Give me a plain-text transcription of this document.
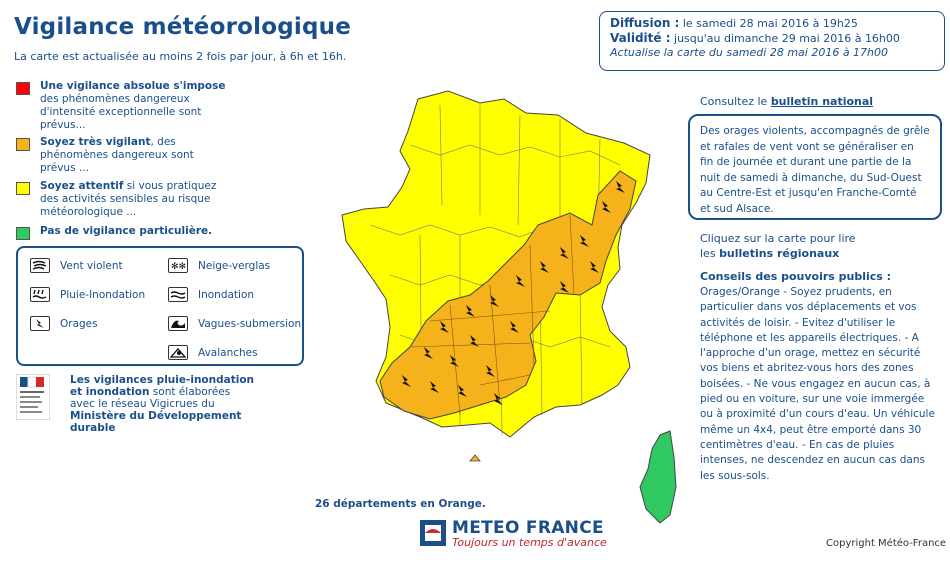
Vigilance météorologique
La carte est actualisée au moins 2 fois par jour, à 6h et 16h.
Une vigilance absolue s'impose
des phénomènes dangereux d'intensité exceptionnelle sont prévus...
Soyez très vigilant, des phénomènes dangereux sont prévus ...
Soyez attentif si vous pratiquez des activités sensibles au risque météorologique ...
Pas de vigilance particulière.
Vent violent	✻✻ Neige-verglas
Pluie-Inondation	Inondation
Orages	Vagues-submersion
Avalanches
Les vigilances pluie-inondation
et inondation sont élaborées
avec le réseau Vigicrues du
Ministère du Développement durable
Diffusion : le samedi 28 mai 2016 à 19h25
Validité : jusqu'au dimanche 29 mai 2016 à 16h00
Actualise la carte du samedi 28 mai 2016 à 17h00
Consultez le bulletin national
Des orages violents, accompagnés de grêle et rafales de vent vont se généraliser en fin de journée et durant une partie de la nuit de samedi à dimanche, du Sud-Ouest au Centre-Est et jusqu'en Franche-Comté et sud Alsace.
Cliquez sur la carte pour lire
les bulletins régionaux
Conseils des pouvoirs publics :
Orages/Orange - Soyez prudents, en particulier dans vos déplacements et vos activités de loisir. - Evitez d'utiliser le téléphone et les appareils électriques. - A l'approche d'un orage, mettez en sécurité vos biens et abritez-vous hors des zones boisées. - Ne vous engagez en aucun cas, à pied ou en voiture, sur une voie immergée ou à proximité d'un cours d'eau. Un véhicule même un 4x4, peut être emporté dans 30 centimètres d'eau. - En cas de pluies intenses, ne descendez en aucun cas dans les sous-sols.
26 départements en Orange.
METEO FRANCE
Toujours un temps d'avance	Copyright Météo-France
